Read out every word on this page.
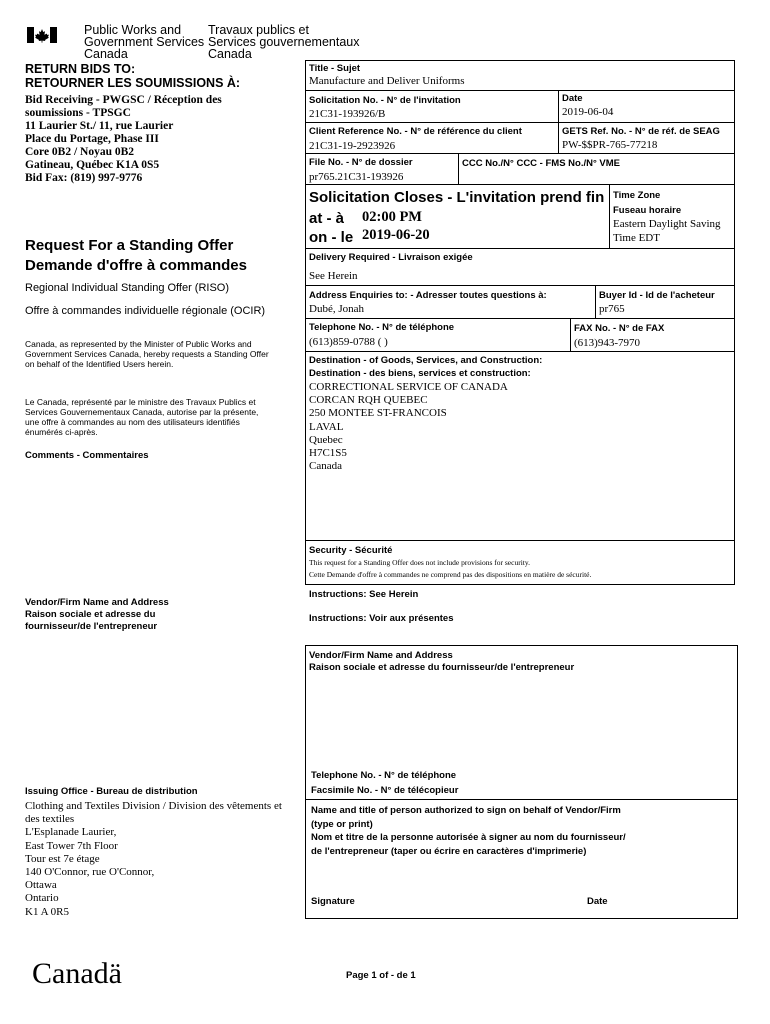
Public Works and
Government Services
Canada
Travaux publics et
Services gouvernementaux
Canada
RETURN BIDS TO:
RETOURNER LES SOUMISSIONS À:
Bid Receiving - PWGSC / Réception des
soumissions - TPSGC
11 Laurier St./ 11, rue Laurier
Place du Portage, Phase III
Core 0B2 / Noyau 0B2
Gatineau, Québec K1A 0S5
Bid Fax: (819) 997-9776
Request For a Standing Offer
Demande d'offre à commandes
Regional Individual Standing Offer (RISO)
Offre à commandes individuelle régionale (OCIR)
Canada, as represented by the Minister of Public Works and
Government Services Canada, hereby requests a Standing Offer
on behalf of the Identified Users herein.
Le Canada, représenté par le ministre des Travaux Publics et
Services Gouvernementaux Canada, autorise par la présente,
une offre à commandes au nom des utilisateurs identifiés
énumérés ci-après.
Comments - Commentaires
Vendor/Firm Name and Address
Raison sociale et adresse du
fournisseur/de l'entrepreneur
Issuing Office - Bureau de distribution
Clothing and Textiles Division / Division des vêtements et
des textiles
L'Esplanade Laurier,
East Tower 7th Floor
Tour est 7e étage
140 O'Connor, rue O'Connor,
Ottawa
Ontario
K1 A 0R5
Title - Sujet
Manufacture and Deliver Uniforms
Solicitation No. - N° de l'invitation
21C31-193926/B
Date
2019-06-04
Client Reference No. - N° de référence du client
21C31-19-2923926
GETS Ref. No. - N° de réf. de SEAG
PW-$$PR-765-77218
File No. - N° de dossier
pr765.21C31-193926
CCC No./N° CCC - FMS No./N° VME
Solicitation Closes - L'invitation prend fin
at - à 02:00 PM
on - le 2019-06-20
Time Zone
Fuseau horaire
Eastern Daylight Saving
Time EDT
Delivery Required - Livraison exigée
See Herein
Address Enquiries to: - Adresser toutes questions à:
Dubé, Jonah
Buyer Id - Id de l'acheteur
pr765
Telephone No. - N° de téléphone
(613)859-0788 ( )
FAX No. - N° de FAX
(613)943-7970
Destination - of Goods, Services, and Construction:
Destination - des biens, services et construction:
CORRECTIONAL SERVICE OF CANADA
CORCAN RQH QUEBEC
250 MONTEE ST-FRANCOIS
LAVAL
Quebec
H7C1S5
Canada
Security - Sécurité
This request for a Standing Offer does not include provisions for security.
Cette Demande d'offre à commandes ne comprend pas des dispositions en matière de sécurité.
Instructions: See Herein
Instructions: Voir aux présentes
Vendor/Firm Name and Address
Raison sociale et adresse du fournisseur/de l'entrepreneur
Telephone No. - N° de téléphone
Facsimile No. - N° de télécopieur
Name and title of person authorized to sign on behalf of Vendor/Firm
(type or print)
Nom et titre de la personne autorisée à signer au nom du fournisseur/
de l'entrepreneur (taper ou écrire en caractères d'imprimerie)
Signature	Date
Canadä	Page 1 of - de 1
